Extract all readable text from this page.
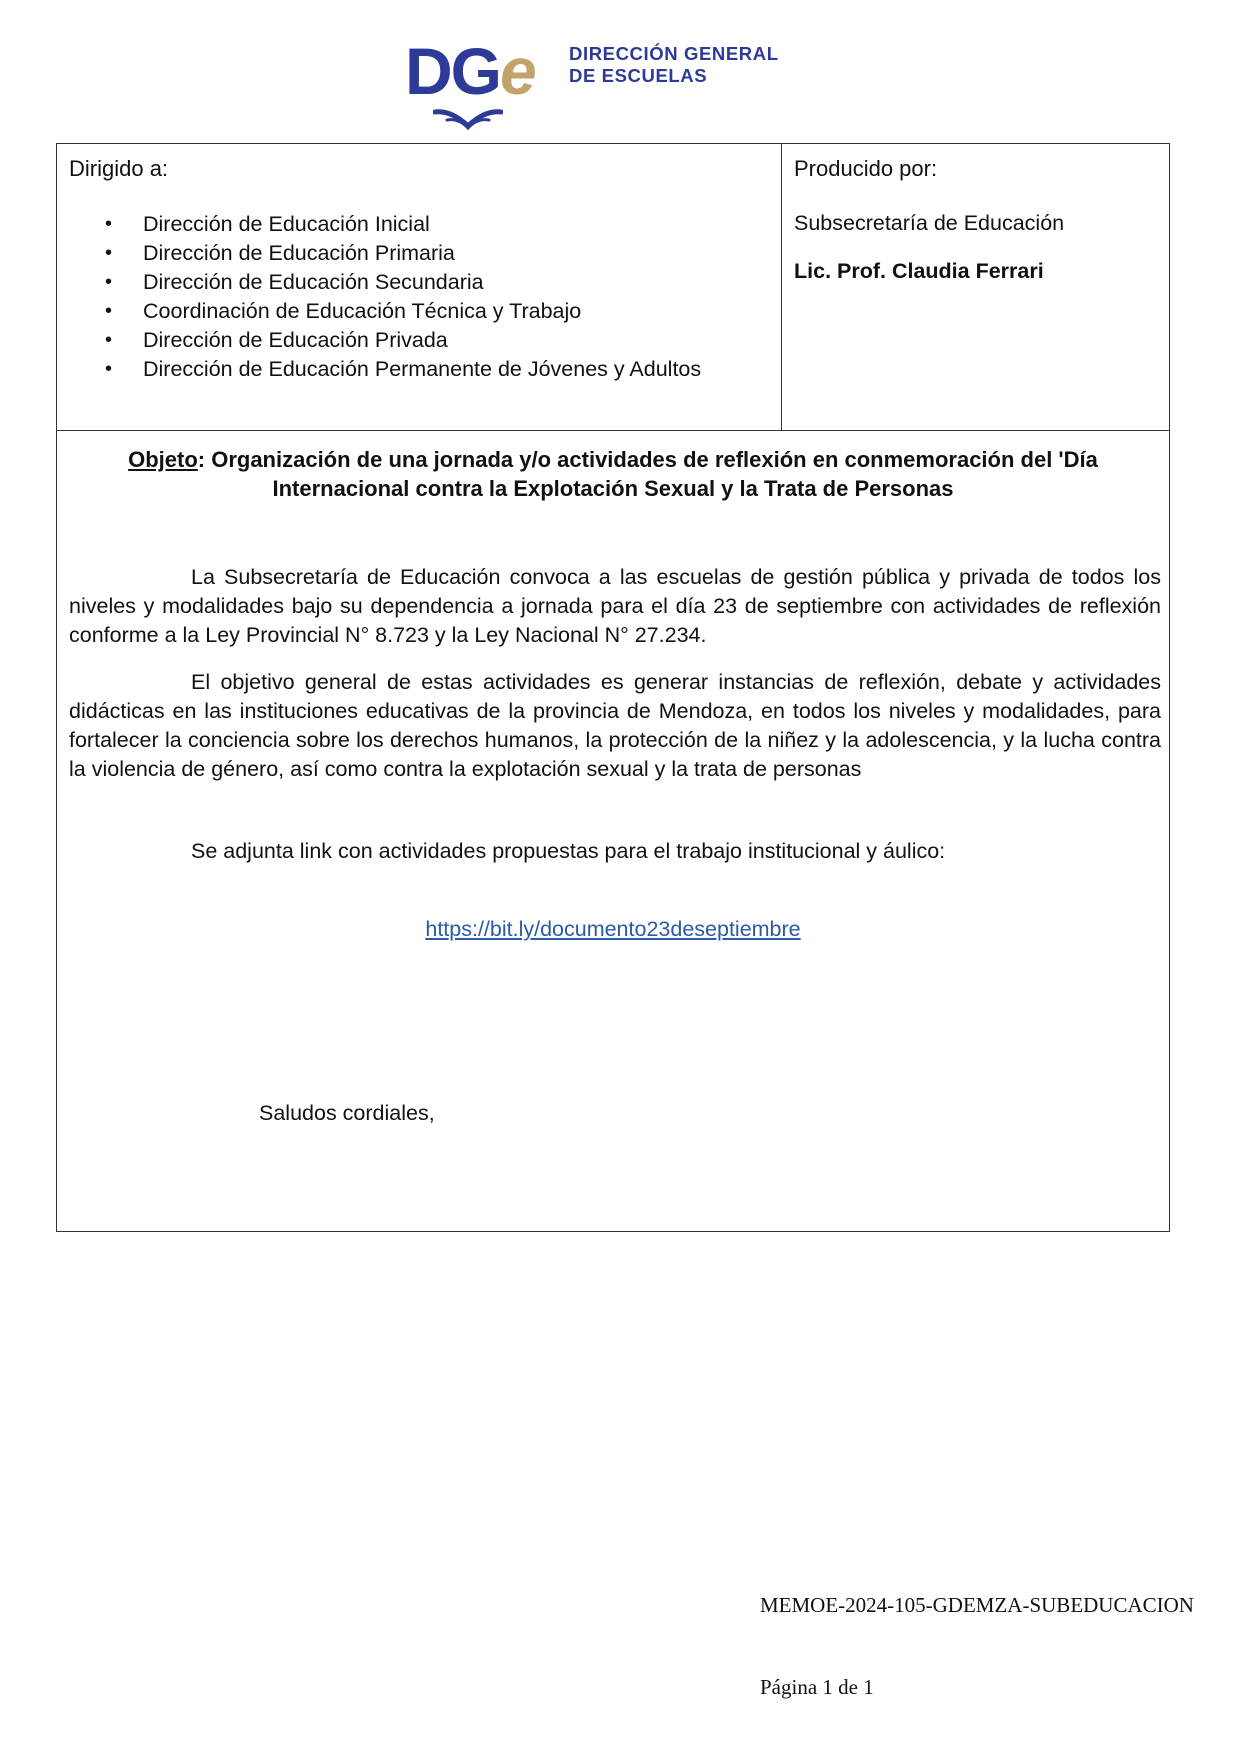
DGe DIRECCIÓN GENERAL
DE ESCUELAS

Dirigido a:

• Dirección de Educación Inicial
• Dirección de Educación Primaria
• Dirección de Educación Secundaria
• Coordinación de Educación Técnica y Trabajo
• Dirección de Educación Privada
• Dirección de Educación Permanente de Jóvenes y Adultos

Producido por:

Subsecretaría de Educación

Lic. Prof. Claudia Ferrari

Objeto: Organización de una jornada y/o actividades de reflexión en conmemoración del 'Día Internacional contra la Explotación Sexual y la Trata de Personas

La Subsecretaría de Educación convoca a las escuelas de gestión pública y privada de todos los niveles y modalidades bajo su dependencia a jornada para el día 23 de septiembre con actividades de reflexión conforme a la Ley Provincial N° 8.723 y la Ley Nacional N° 27.234.

El objetivo general de estas actividades es generar instancias de reflexión, debate y actividades didácticas en las instituciones educativas de la provincia de Mendoza, en todos los niveles y modalidades, para fortalecer la conciencia sobre los derechos humanos, la protección de la niñez y la adolescencia, y la lucha contra la violencia de género, así como contra la explotación sexual y la trata de personas

Se adjunta link con actividades propuestas para el trabajo institucional y áulico:

https://bit.ly/documento23deseptiembre

Saludos cordiales,

MEMOE-2024-105-GDEMZA-SUBEDUCACION
Página 1 de 1
